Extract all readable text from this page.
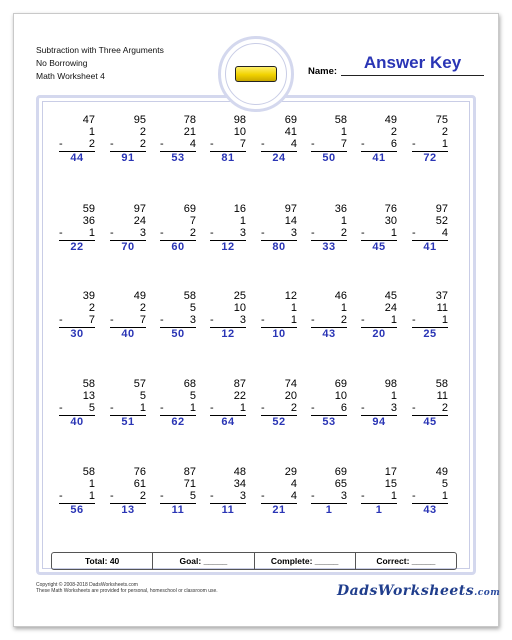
Subtraction with Three Arguments
No Borrowing
Math Worksheet 4
Answer Key
Name:
47
1
- 2
44
95
2
- 2
91
78
21
- 4
53
98
10
- 7
81
69
41
- 4
24
58
1
- 7
50
49
2
- 6
41
75
2
- 1
72
59
36
- 1
22
97
24
- 3
70
69
7
- 2
60
16
1
- 3
12
97
14
- 3
80
36
1
- 2
33
76
30
- 1
45
97
52
- 4
41
39
2
- 7
30
49
2
- 7
40
58
5
- 3
50
25
10
- 3
12
12
1
- 1
10
46
1
- 2
43
45
24
- 1
20
37
11
- 1
25
58
13
- 5
40
57
5
- 1
51
68
5
- 1
62
87
22
- 1
64
74
20
- 2
52
69
10
- 6
53
98
1
- 3
94
58
11
- 2
45
58
1
- 1
56
76
61
- 2
13
87
71
- 5
11
48
34
- 3
11
29
4
- 4
21
69
65
- 3
1
17
15
- 1
1
49
5
- 1
43
Total: 40	Goal: _____	Complete: _____	Correct: _____
Copyright © 2008-2018 DadsWorksheets.com
These Math Worksheets are provided for personal, homeschool or classroom use.	DadsWorksheets.com
